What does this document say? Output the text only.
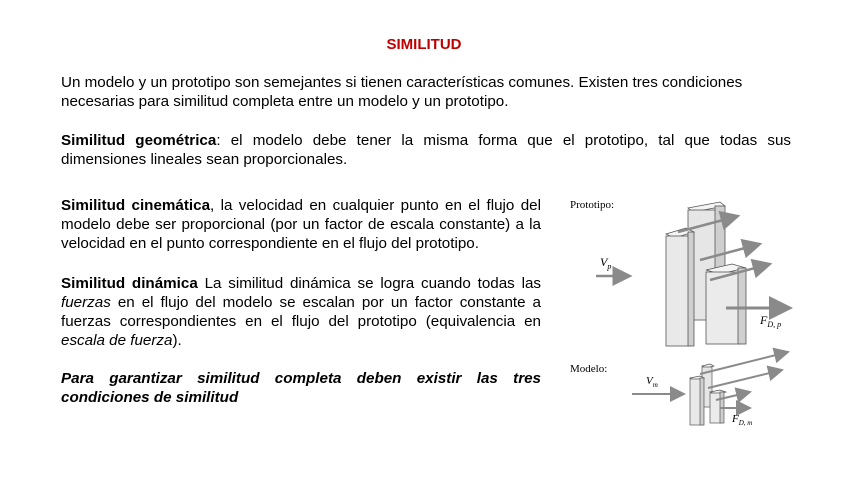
SIMILITUD
Un modelo y un prototipo son semejantes si tienen características comunes. Existen tres condiciones
necesarias para similitud completa entre un modelo y un prototipo.
Similitud geométrica: el modelo debe tener la misma forma que el prototipo, tal que todas sus dimensiones lineales sean proporcionales.
Similitud cinemática, la velocidad en cualquier punto en el flujo del modelo debe ser proporcional (por un factor de escala constante) a la velocidad en el punto correspondiente en el flujo del prototipo.
Similitud dinámica La similitud dinámica se logra cuando todas las fuerzas en el flujo del modelo se escalan por un factor constante a fuerzas correspondientes en el flujo del prototipo (equivalencia en escala de fuerza).
Para garantizar similitud completa deben existir las tres condiciones de similitud
Prototipo:
$V_p$
$F_{D, p}$
Modelo:
$V_m$
$F_{D, m}$
